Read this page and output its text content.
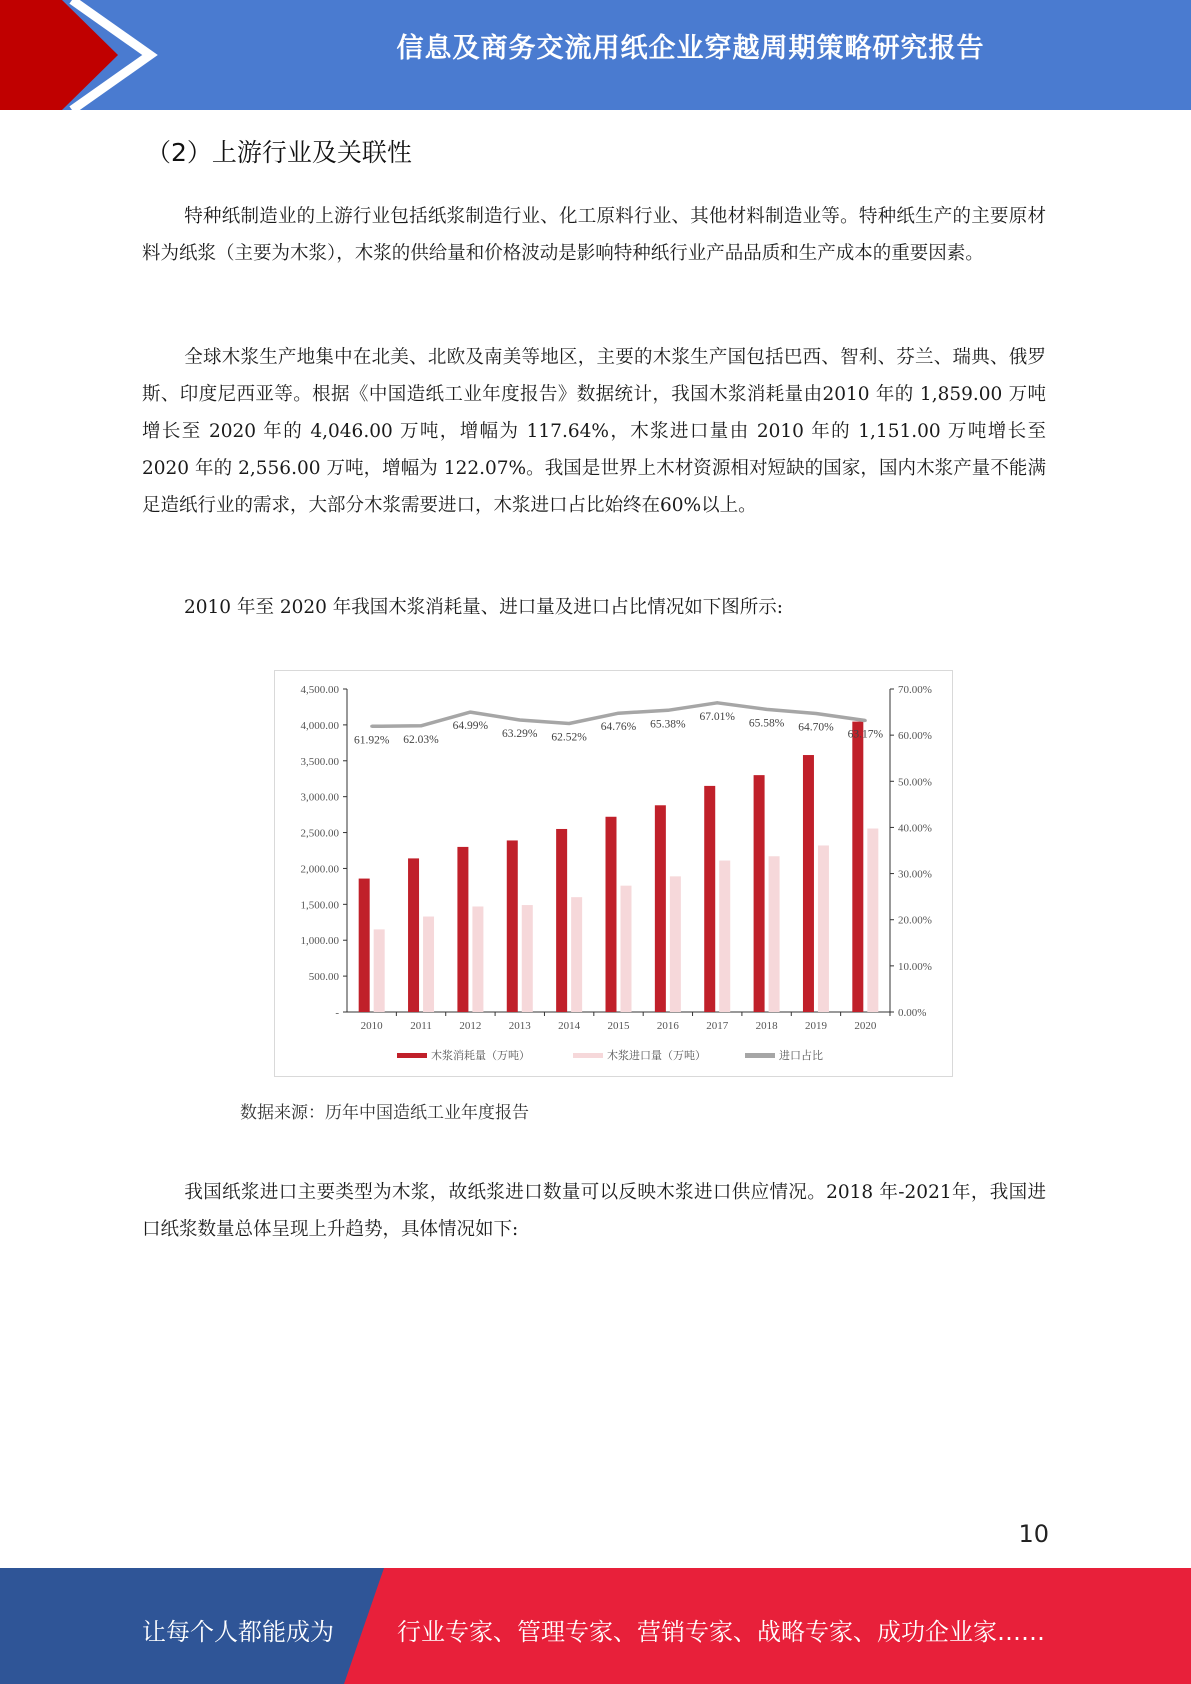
信息及商务交流用纸企业穿越周期策略研究报告
（2）上游行业及关联性

特种纸制造业的上游行业包括纸浆制造行业、化工原料行业、其他材料制造业等。特种纸生产的主要原材料为纸浆（主要为木浆），木浆的供给量和价格波动是影响特种纸行业产品品质和生产成本的重要因素。

全球木浆生产地集中在北美、北欧及南美等地区，主要的木浆生产国包括巴西、智利、芬兰、瑞典、俄罗斯、印度尼西亚等。根据《中国造纸工业年度报告》数据统计，我国木浆消耗量由2010 年的 1,859.00 万吨增长至 2020 年的 4,046.00 万吨，增幅为 117.64%，木浆进口量由 2010 年的 1,151.00 万吨增长至 2020 年的 2,556.00 万吨，增幅为 122.07%。我国是世界上木材资源相对短缺的国家，国内木浆产量不能满足造纸行业的需求，大部分木浆需要进口，木浆进口占比始终在60%以上。

2010 年至 2020 年我国木浆消耗量、进口量及进口占比情况如下图所示:

-
500.00
1,000.00
1,500.00
2,000.00
2,500.00
3,000.00
3,500.00
4,000.00
4,500.00
0.00%
10.00%
20.00%
30.00%
40.00%
50.00%
60.00%
70.00%
2010	2011	2012 2013 2014 2015 2016 2017 2018 2019 2020
61.92% 62.03%
64.99%
63.29% 62.52%
64.76% 65.38%
67.01%
65.58% 64.70%
63.17%
木浆消耗量（万吨）	木浆进口量（万吨）	进口占比
数据来源：历年中国造纸工业年度报告

我国纸浆进口主要类型为木浆，故纸浆进口数量可以反映木浆进口供应情况。2018 年-2021年，我国进口纸浆数量总体呈现上升趋势，具体情况如下:

10
让每个人都能成为	行业专家、管理专家、营销专家、战略专家、成功企业家……
